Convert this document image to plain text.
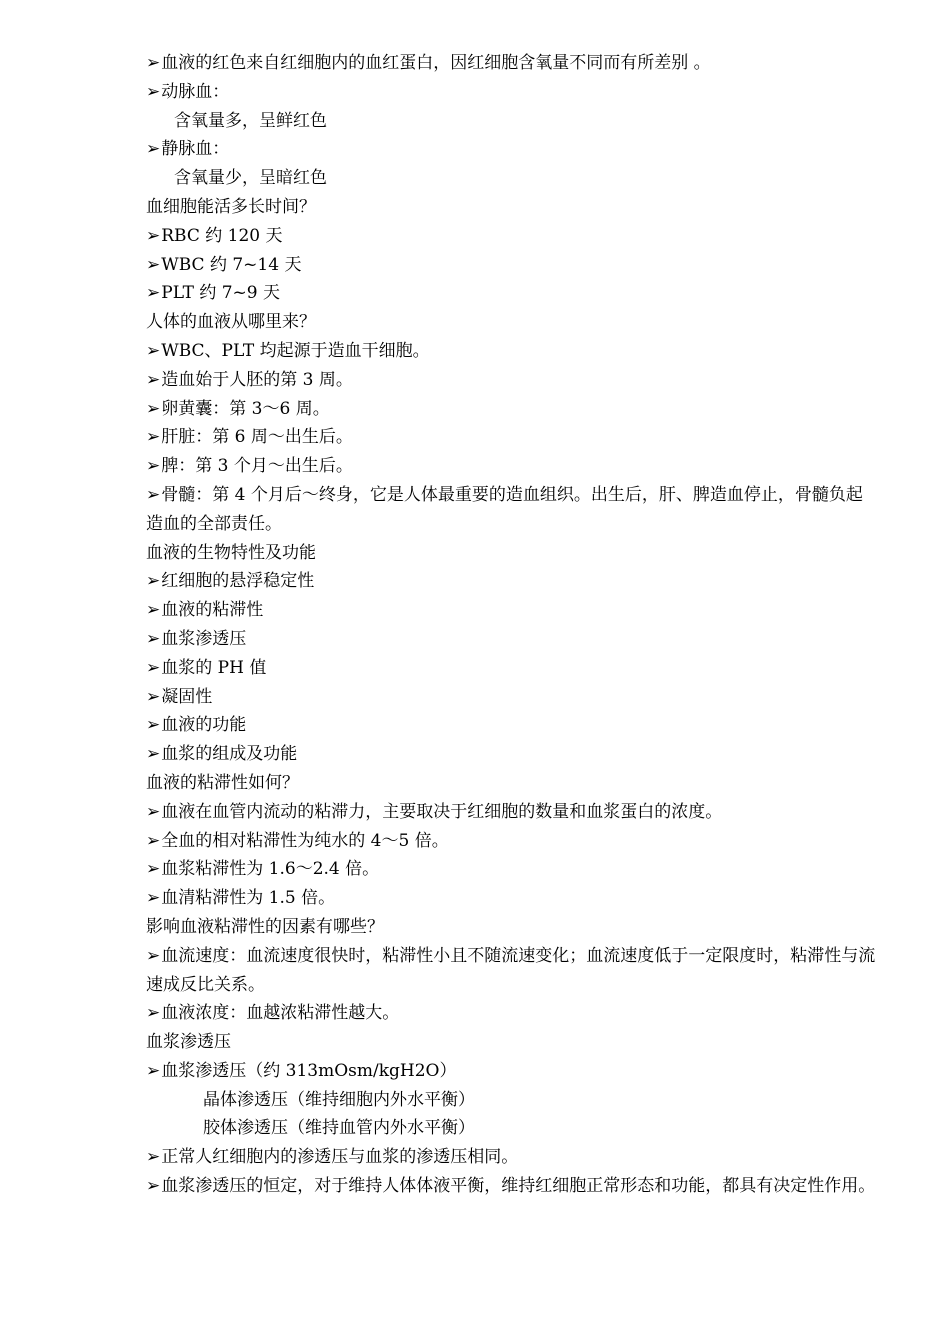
➢血液的红色来自红细胞内的血红蛋白，因红细胞含氧量不同而有所差别 。
➢动脉血：
含氧量多，呈鲜红色
➢静脉血：
含氧量少，呈暗红色
血细胞能活多长时间？
➢RBC 约 120 天
➢WBC 约 7~14 天
➢PLT 约 7~9 天
人体的血液从哪里来？
➢WBC、PLT 均起源于造血干细胞。
➢造血始于人胚的第 3 周。
➢卵黄囊：第 3～6 周。
➢肝脏：第 6 周～出生后。
➢脾：第 3 个月～出生后。
➢骨髓：第 4 个月后～终身，它是人体最重要的造血组织。出生后，肝、脾造血停止，骨髓负起造血的全部责任。
血液的生物特性及功能
➢红细胞的悬浮稳定性
➢血液的粘滞性
➢血浆渗透压
➢血浆的 PH 值
➢凝固性
➢血液的功能
➢血浆的组成及功能
血液的粘滞性如何？
➢血液在血管内流动的粘滞力，主要取决于红细胞的数量和血浆蛋白的浓度。
➢全血的相对粘滞性为纯水的 4～5 倍。
➢血浆粘滞性为 1.6～2.4 倍。
➢血清粘滞性为 1.5 倍。
影响血液粘滞性的因素有哪些？
➢血流速度：血流速度很快时，粘滞性小且不随流速变化；血流速度低于一定限度时，粘滞性与流速成反比关系。
➢血液浓度：血越浓粘滞性越大。
血浆渗透压
➢血浆渗透压（约 313mOsm/kgH2O）
晶体渗透压（维持细胞内外水平衡）
胶体渗透压（维持血管内外水平衡）
➢正常人红细胞内的渗透压与血浆的渗透压相同。
➢血浆渗透压的恒定，对于维持人体体液平衡，维持红细胞正常形态和功能，都具有决定性作用。
